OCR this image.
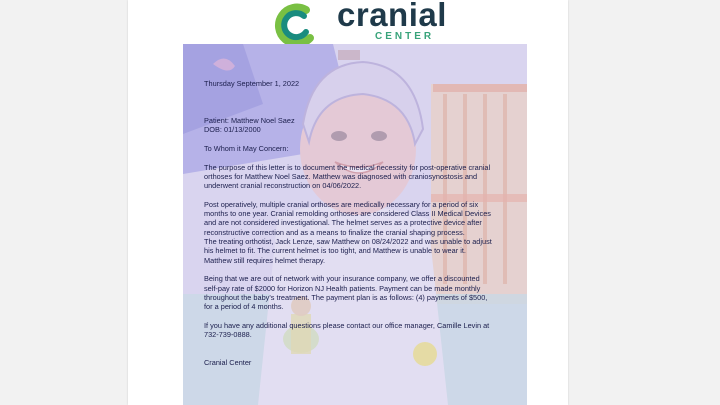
cranial
CENTER

Thursday September 1, 2022

Patient: Matthew Noel Saez

DOB: 01/13/2000

To Whom it May Concern:

The purpose of this letter is to document the medical necessity for post-operative cranial

orthoses for Matthew Noel Saez. Matthew was diagnosed with craniosynostosis and

underwent cranial reconstruction on 04/06/2022.

Post operatively, multiple cranial orthoses are medically necessary for a period of six

months to one year. Cranial remolding orthoses are considered Class II Medical Devices

and are not considered investigational. The helmet serves as a protective device after

reconstructive correction and as a means to finalize the cranial shaping process.

The treating orthotist, Jack Lenze, saw Matthew on 08/24/2022 and was unable to adjust

his helmet to fit. The current helmet is too tight, and Matthew is unable to wear it.

Matthew still requires helmet therapy.

Being that we are out of network with your insurance company, we offer a discounted

self-pay rate of $2000 for Horizon NJ Health patients. Payment can be made monthly

throughout the baby's treatment. The payment plan is as follows: (4) payments of $500,

for a period of 4 months.

If you have any additional questions please contact our office manager, Camille Levin at

732-739-0888.

Cranial Center
